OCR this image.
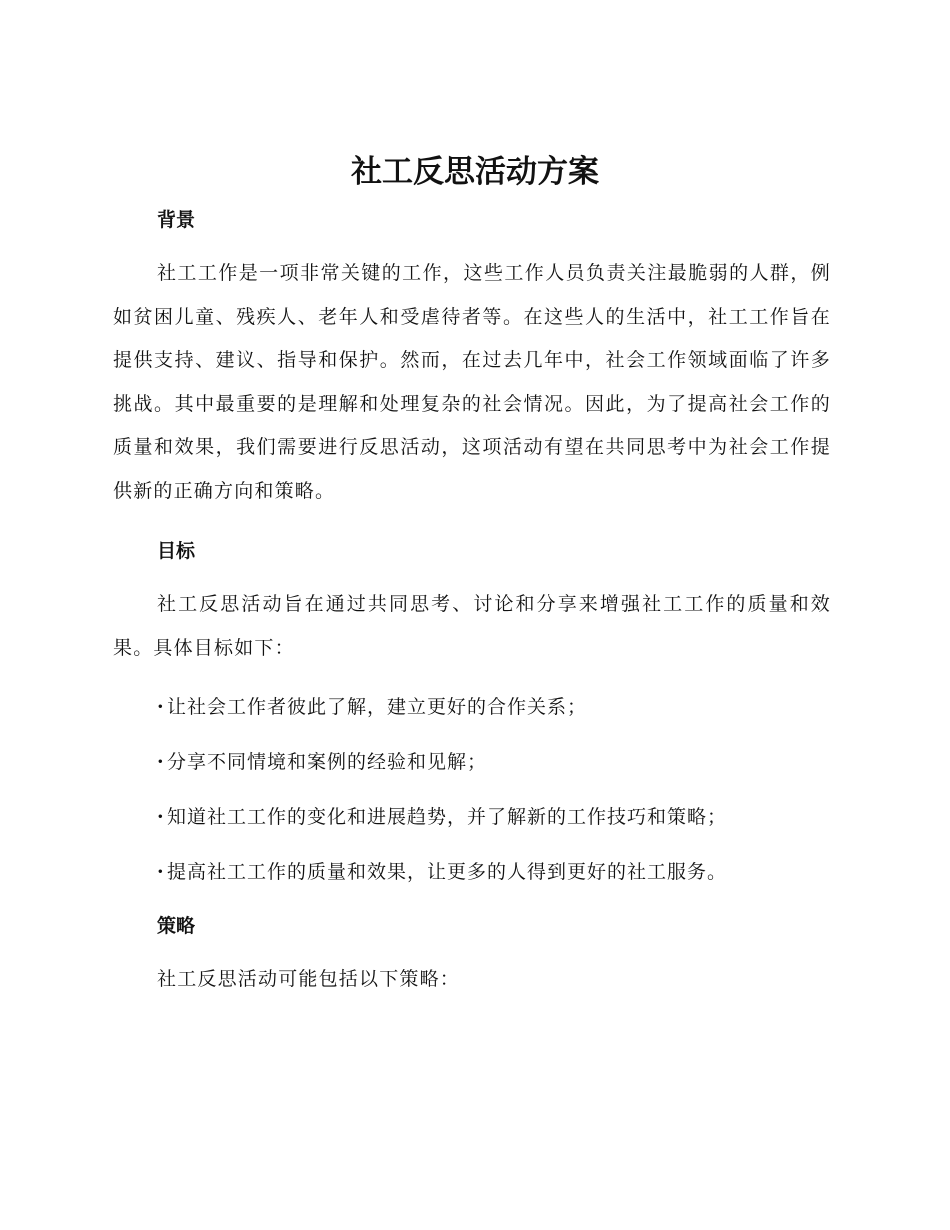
社工反思活动方案
背景

社工工作是一项非常关键的工作，这些工作人员负责关注最脆弱的人群，例如贫困儿童、残疾人、老年人和受虐待者等。在这些人的生活中，社工工作旨在提供支持、建议、指导和保护。然而，在过去几年中，社会工作领域面临了许多挑战。其中最重要的是理解和处理复杂的社会情况。因此，为了提高社会工作的质量和效果，我们需要进行反思活动，这项活动有望在共同思考中为社会工作提供新的正确方向和策略。

目标

社工反思活动旨在通过共同思考、讨论和分享来增强社工工作的质量和效果。具体目标如下：

· 让社会工作者彼此了解，建立更好的合作关系；
· 分享不同情境和案例的经验和见解；
· 知道社工工作的变化和进展趋势，并了解新的工作技巧和策略；
· 提高社工工作的质量和效果，让更多的人得到更好的社工服务。
策略

社工反思活动可能包括以下策略：
